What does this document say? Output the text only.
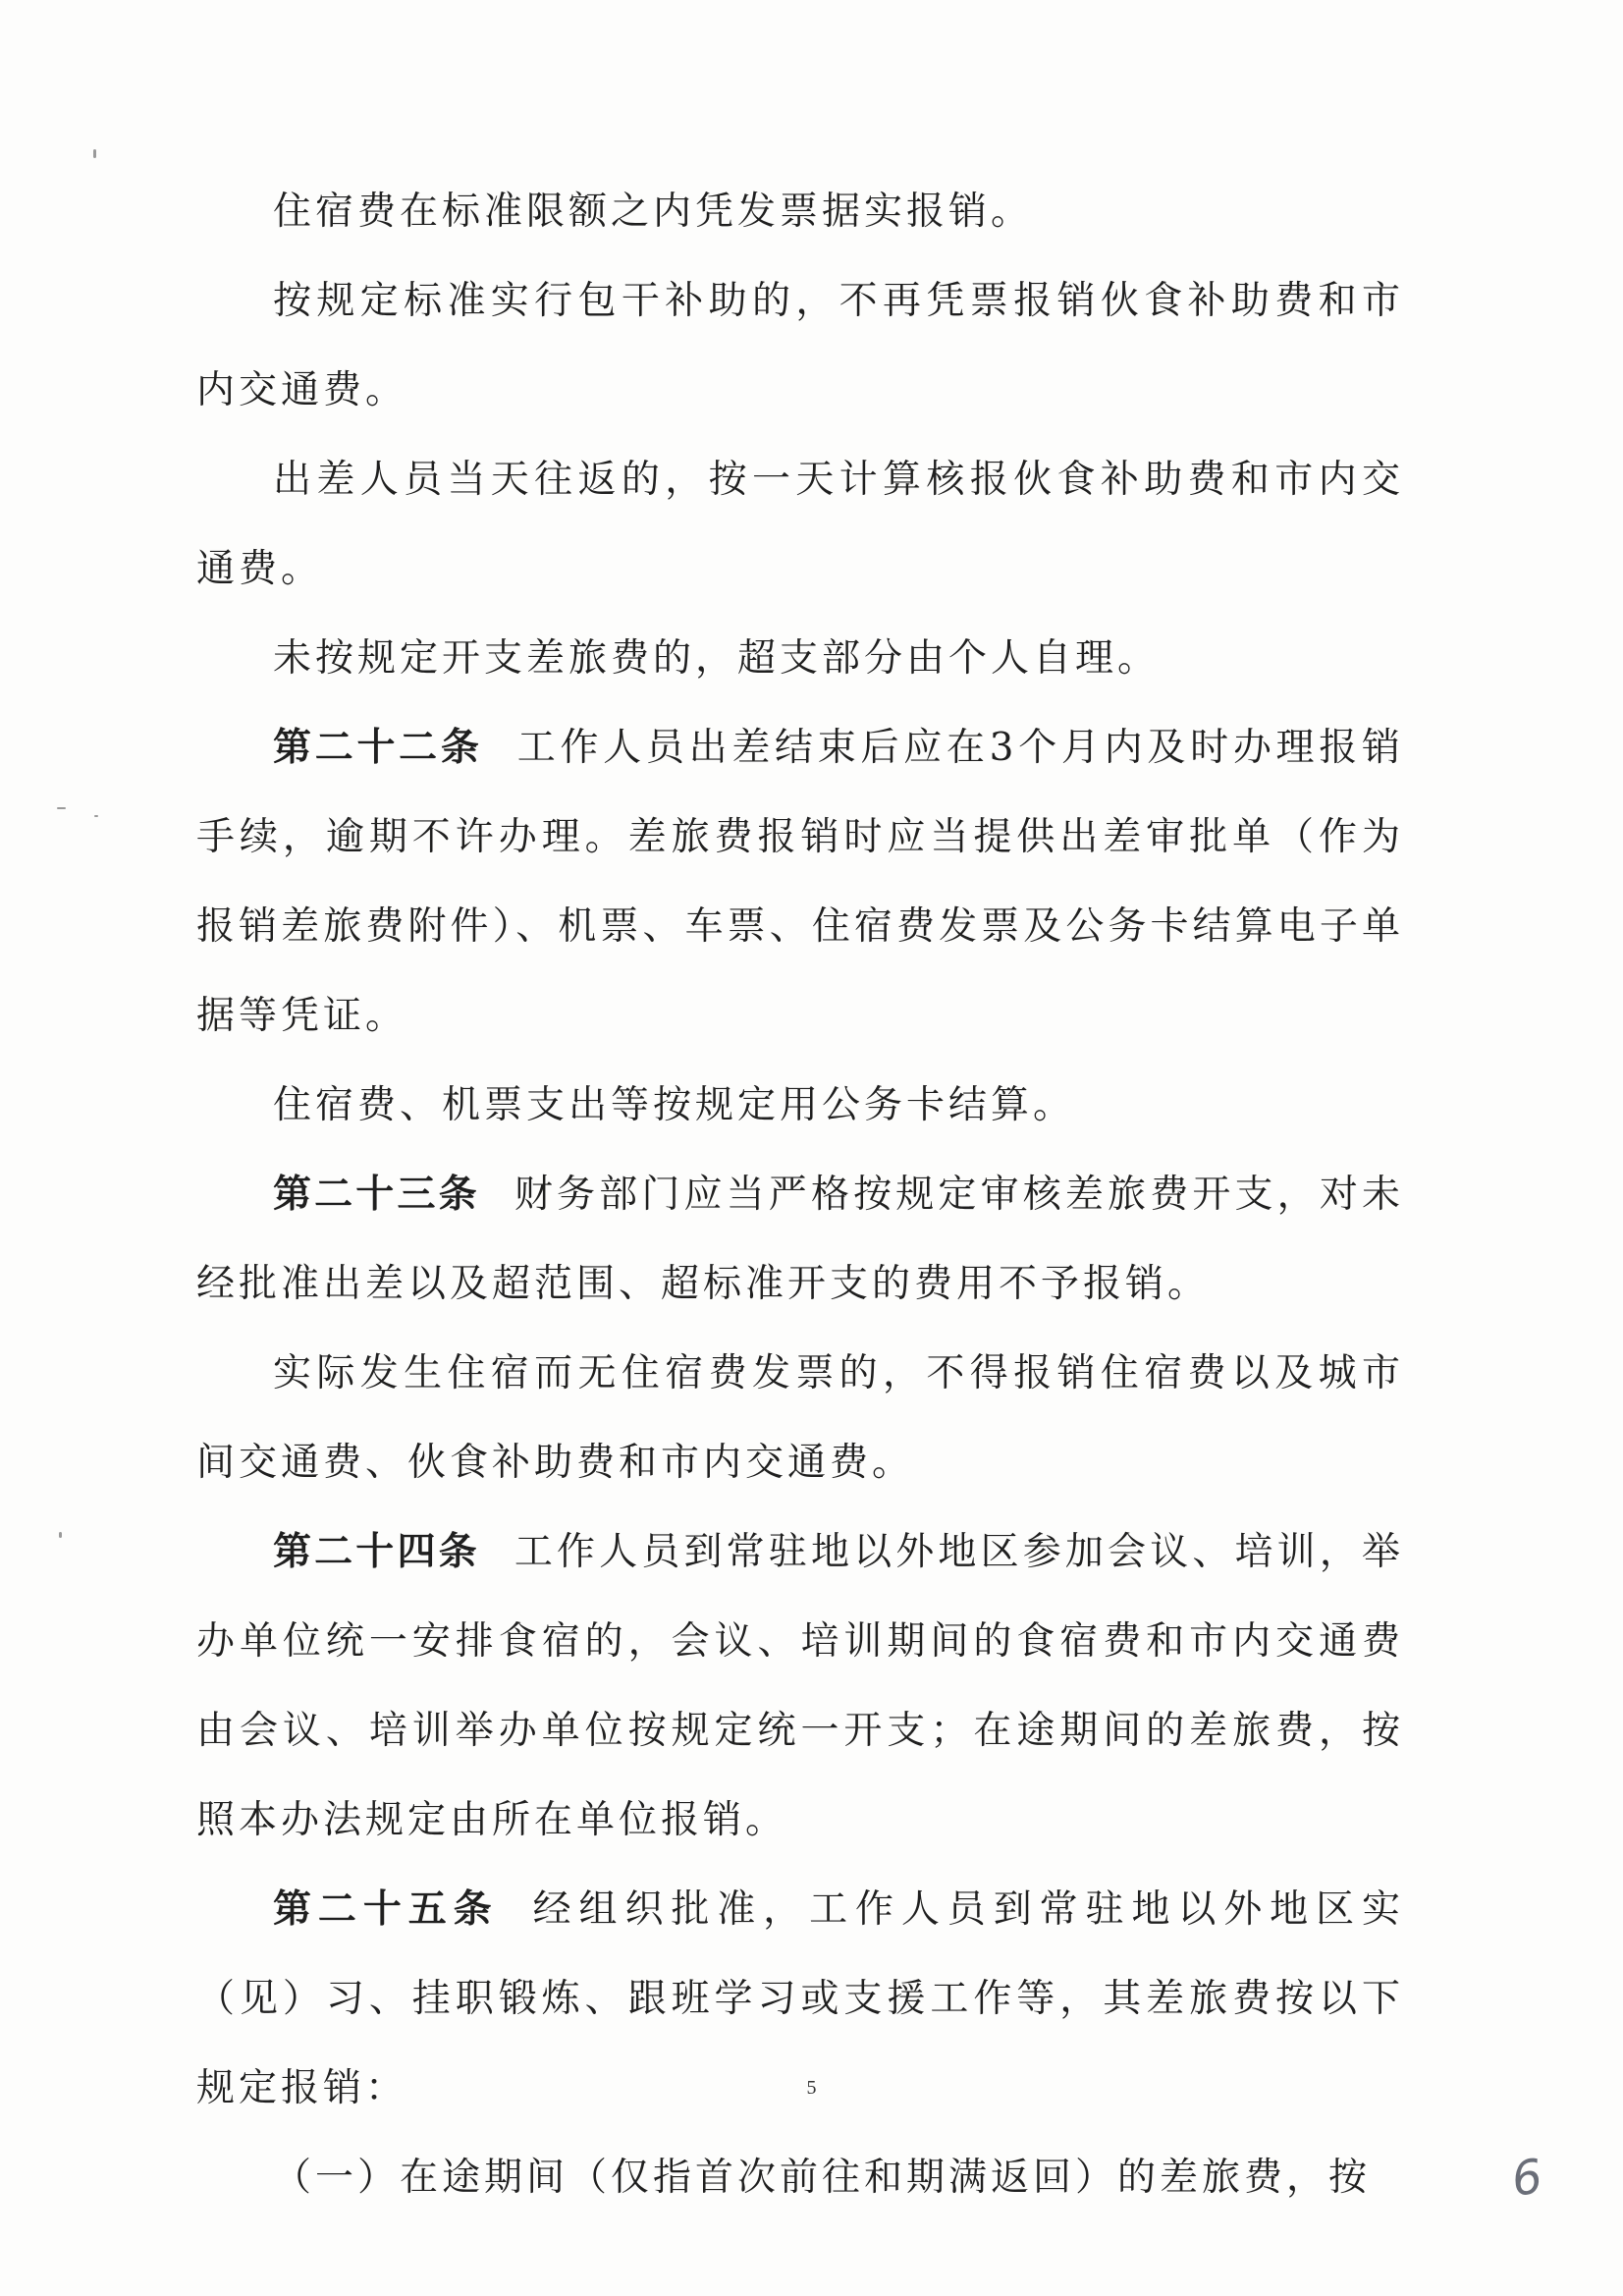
住宿费在标准限额之内凭发票据实报销。

按规定标准实行包干补助的，不再凭票报销伙食补助费和市内交通费。

出差人员当天往返的，按一天计算核报伙食补助费和市内交通费。

未按规定开支差旅费的，超支部分由个人自理。

第二十二条 工作人员出差结束后应在3个月内及时办理报销手续，逾期不许办理。差旅费报销时应当提供出差审批单（作为报销差旅费附件）、机票、车票、住宿费发票及公务卡结算电子单据等凭证。

住宿费、机票支出等按规定用公务卡结算。

第二十三条 财务部门应当严格按规定审核差旅费开支，对未经批准出差以及超范围、超标准开支的费用不予报销。

实际发生住宿而无住宿费发票的，不得报销住宿费以及城市间交通费、伙食补助费和市内交通费。

第二十四条 工作人员到常驻地以外地区参加会议、培训，举办单位统一安排食宿的，会议、培训期间的食宿费和市内交通费由会议、培训举办单位按规定统一开支；在途期间的差旅费，按照本办法规定由所在单位报销。

第二十五条 经组织批准，工作人员到常驻地以外地区实（见）习、挂职锻炼、跟班学习或支援工作等，其差旅费按以下规定报销：

（一）在途期间（仅指首次前往和期满返回）的差旅费，按

5
6
